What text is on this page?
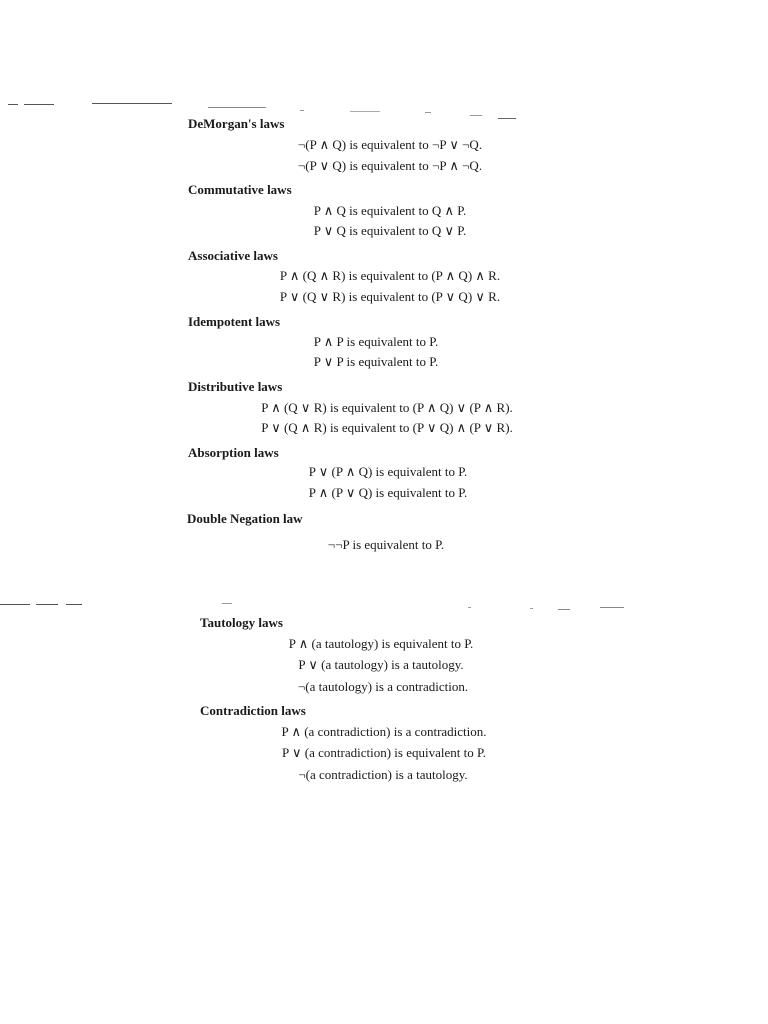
DeMorgan's laws
¬(P ∧ Q) is equivalent to ¬P ∨ ¬Q.
¬(P ∨ Q) is equivalent to ¬P ∧ ¬Q.
Commutative laws
P ∧ Q is equivalent to Q ∧ P.
P ∨ Q is equivalent to Q ∨ P.
Associative laws
P ∧ (Q ∧ R) is equivalent to (P ∧ Q) ∧ R.
P ∨ (Q ∨ R) is equivalent to (P ∨ Q) ∨ R.
Idempotent laws
P ∧ P is equivalent to P.
P ∨ P is equivalent to P.
Distributive laws
P ∧ (Q ∨ R) is equivalent to (P ∧ Q) ∨ (P ∧ R).
P ∨ (Q ∧ R) is equivalent to (P ∨ Q) ∧ (P ∨ R).
Absorption laws
P ∨ (P ∧ Q) is equivalent to P.
P ∧ (P ∨ Q) is equivalent to P.
Double Negation law
¬¬P is equivalent to P.
Tautology laws
P ∧ (a tautology) is equivalent to P.
P ∨ (a tautology) is a tautology.
¬(a tautology) is a contradiction.
Contradiction laws
P ∧ (a contradiction) is a contradiction.
P ∨ (a contradiction) is equivalent to P.
¬(a contradiction) is a tautology.
